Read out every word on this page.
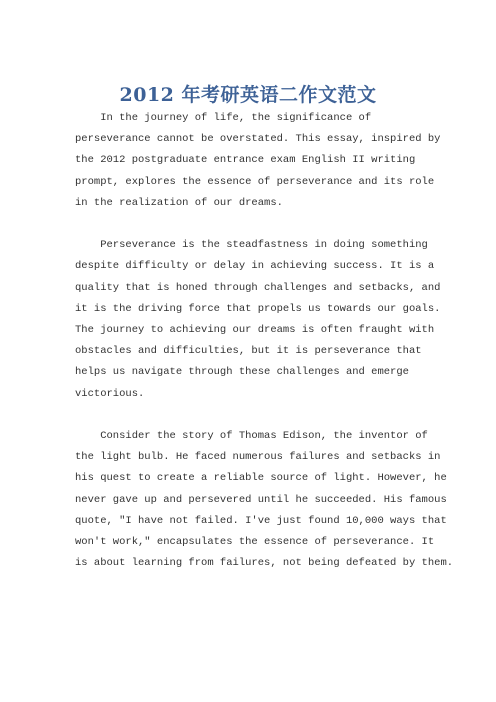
2012 年考研英语二作文范文
In the journey of life, the significance of
perseverance cannot be overstated. This essay, inspired by
the 2012 postgraduate entrance exam English II writing
prompt, explores the essence of perseverance and its role
in the realization of our dreams.
Perseverance is the steadfastness in doing something
despite difficulty or delay in achieving success. It is a
quality that is honed through challenges and setbacks, and
it is the driving force that propels us towards our goals.
The journey to achieving our dreams is often fraught with
obstacles and difficulties, but it is perseverance that
helps us navigate through these challenges and emerge
victorious.
Consider the story of Thomas Edison, the inventor of
the light bulb. He faced numerous failures and setbacks in
his quest to create a reliable source of light. However, he
never gave up and persevered until he succeeded. His famous
quote, "I have not failed. I've just found 10,000 ways that
won't work," encapsulates the essence of perseverance. It
is about learning from failures, not being defeated by them.
